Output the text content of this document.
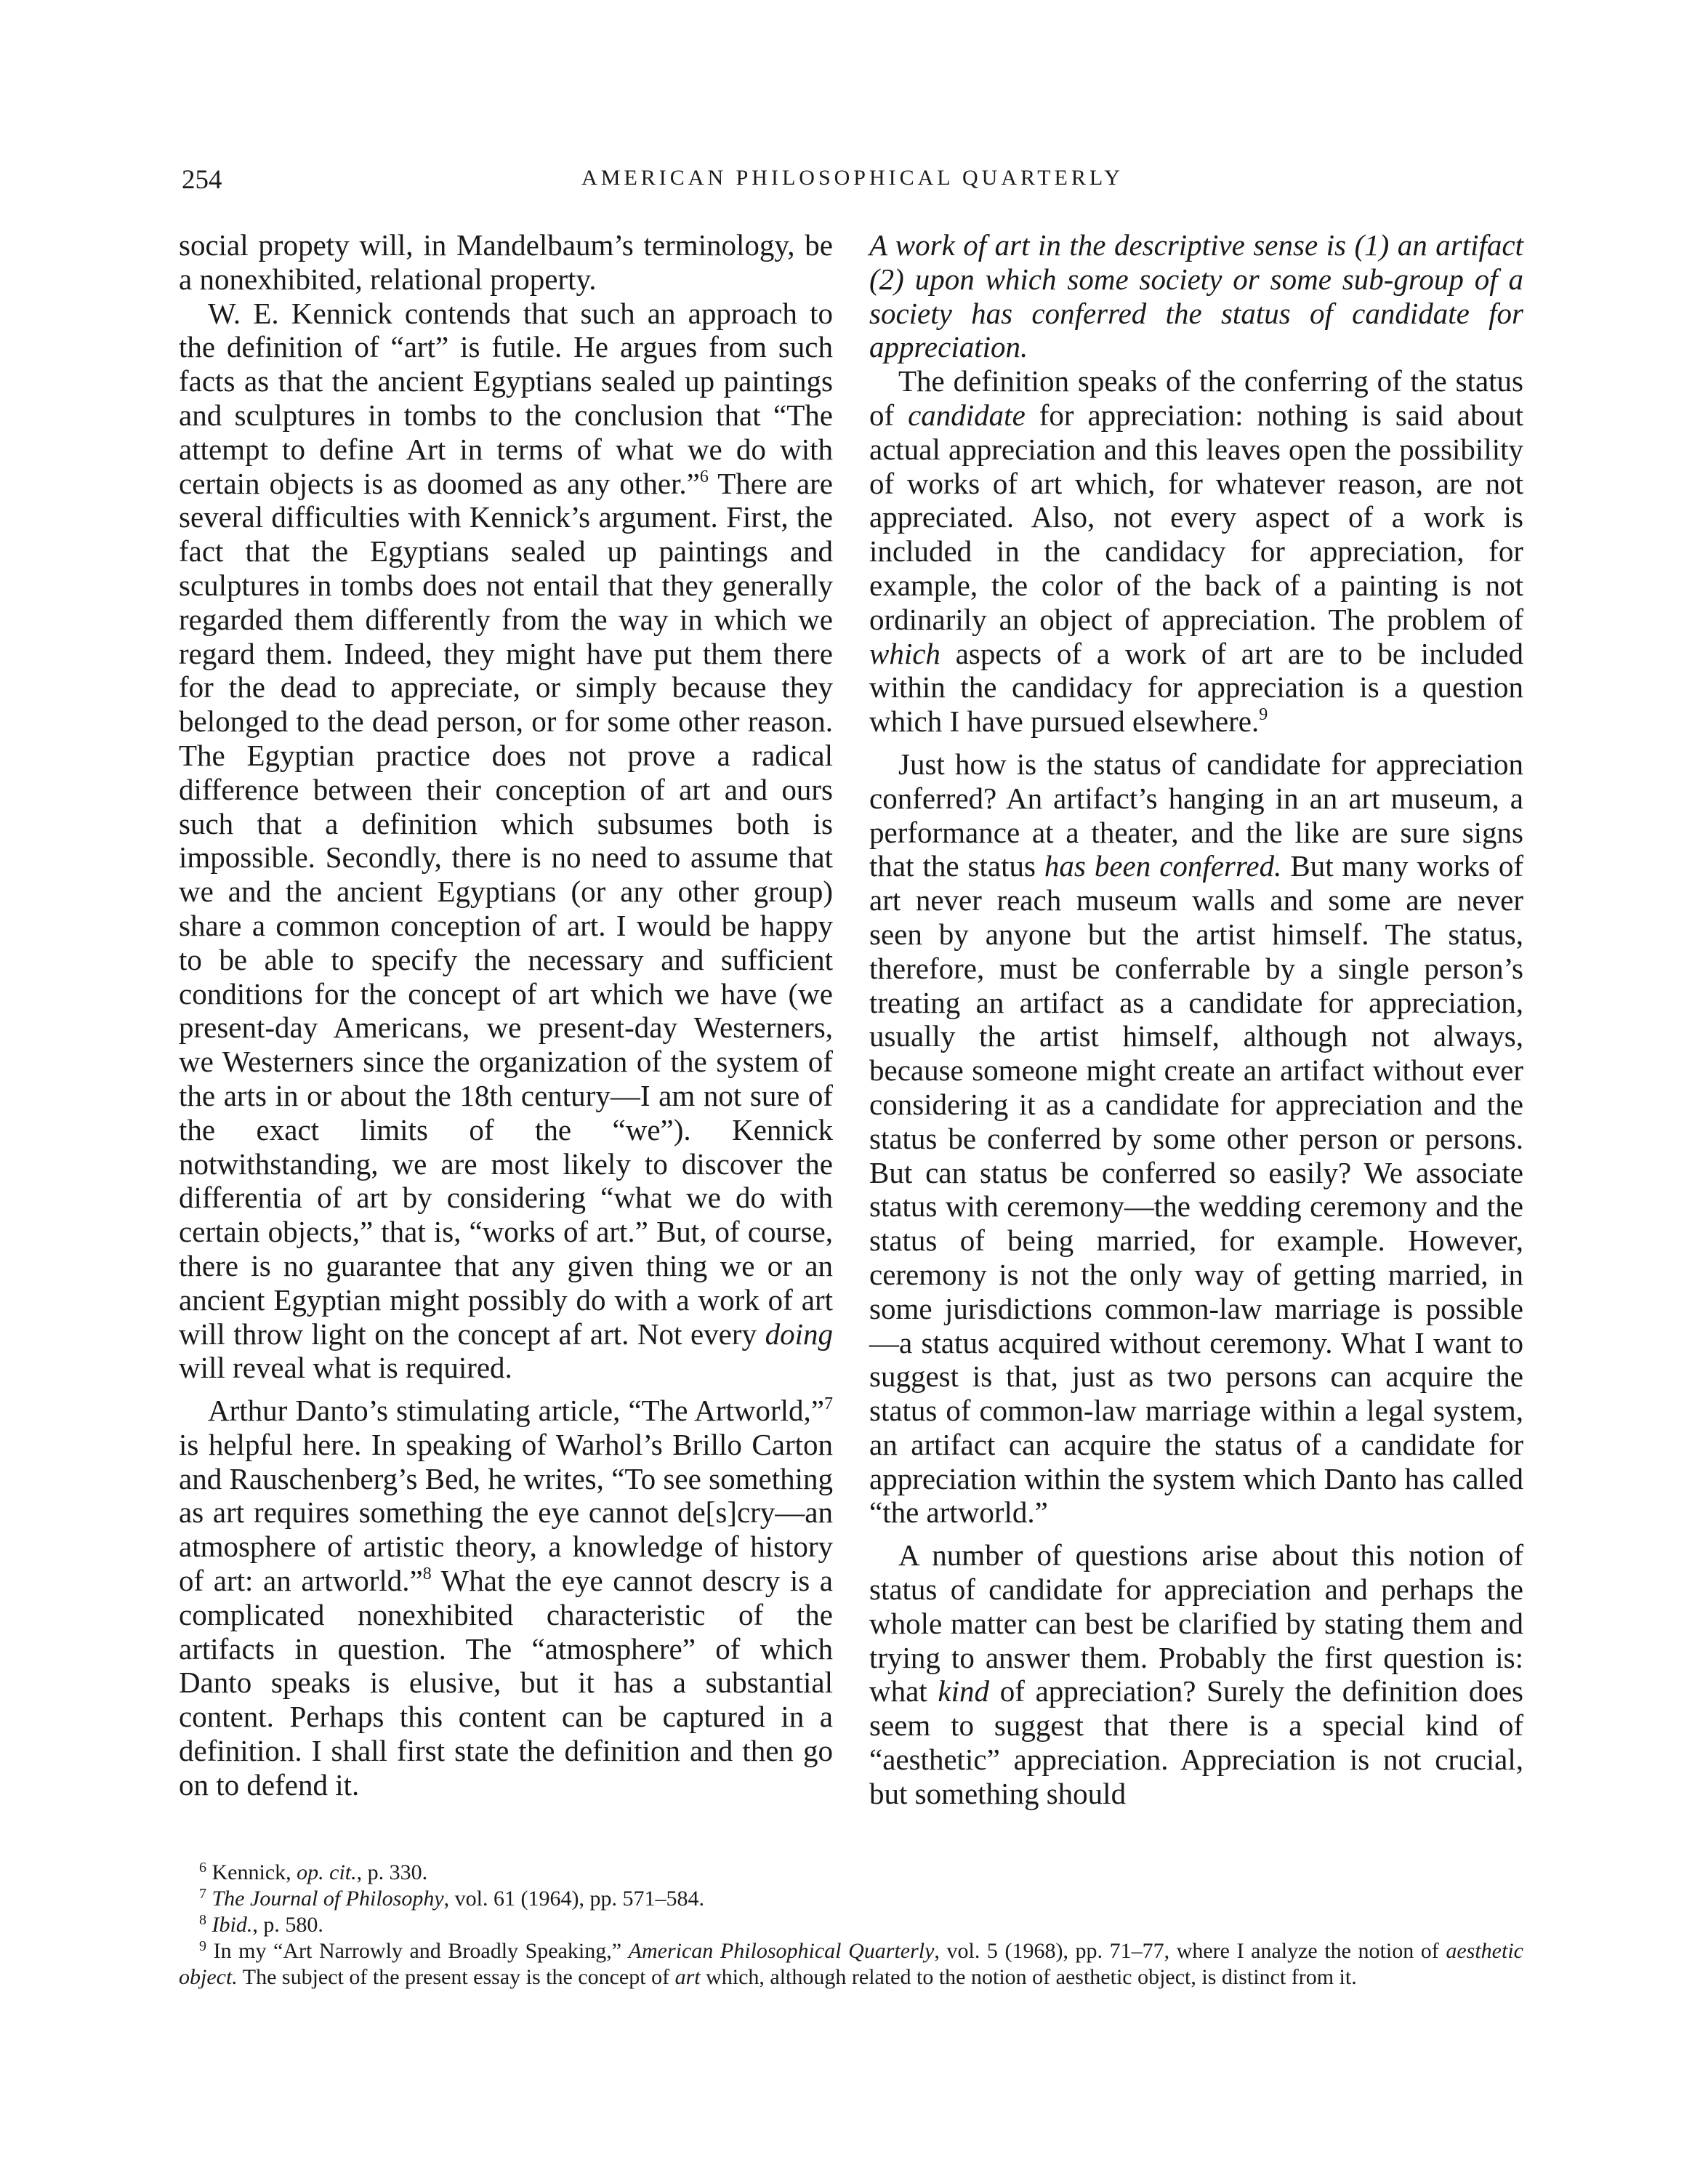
254	AMERICAN PHILOSOPHICAL QUARTERLY

social propety will, in Mandelbaum’s terminology, be a nonexhibited, relational property.

W. E. Kennick contends that such an approach to the definition of “art” is futile. He argues from such facts as that the ancient Egyptians sealed up paintings and sculptures in tombs to the conclusion that “The attempt to define Art in terms of what we do with certain objects is as doomed as any other.”$^6$ There are several difficulties with Kennick’s argument. First, the fact that the Egyptians sealed up paintings and sculptures in tombs does not entail that they generally regarded them differently from the way in which we regard them. Indeed, they might have put them there for the dead to appreciate, or simply because they belonged to the dead person, or for some other reason. The Egyptian practice does not prove a radical difference between their conception of art and ours such that a definition which subsumes both is impossible. Secondly, there is no need to assume that we and the ancient Egyptians (or any other group) share a common conception of art. I would be happy to be able to specify the necessary and sufficient conditions for the concept of art which we have (we present-day Americans, we present-day Westerners, we Westerners since the organization of the system of the arts in or about the 18th century—I am not sure of the exact limits of the “we”). Kennick notwithstanding, we are most likely to discover the differentia of art by considering “what we do with certain objects,” that is, “works of art.” But, of course, there is no guarantee that any given thing we or an ancient Egyptian might possibly do with a work of art will throw light on the concept af art. Not every doing will reveal what is required.

Arthur Danto’s stimulating article, “The Artworld,”$^7$ is helpful here. In speaking of Warhol’s Brillo Carton and Rauschenberg’s Bed, he writes, “To see something as art requires something the eye cannot de[s]cry—an atmosphere of artistic theory, a knowledge of history of art: an artworld.”$^8$ What the eye cannot descry is a complicated nonexhibited characteristic of the artifacts in question. The “atmosphere” of which Danto speaks is elusive, but it has a substantial content. Perhaps this content can be captured in a definition. I shall first state the definition and then go on to defend it.

A work of art in the descriptive sense is (1) an artifact (2) upon which some society or some sub-group of a society has conferred the status of candidate for appreciation.

The definition speaks of the conferring of the status of candidate for appreciation: nothing is said about actual appreciation and this leaves open the possibility of works of art which, for whatever reason, are not appreciated. Also, not every aspect of a work is included in the candidacy for appreciation, for example, the color of the back of a painting is not ordinarily an object of appreciation. The problem of which aspects of a work of art are to be included within the candidacy for appreciation is a question which I have pursued elsewhere.$^9$

Just how is the status of candidate for appreciation conferred? An artifact’s hanging in an art museum, a performance at a theater, and the like are sure signs that the status has been conferred. But many works of art never reach museum walls and some are never seen by anyone but the artist himself. The status, therefore, must be conferrable by a single person’s treating an artifact as a candidate for appreciation, usually the artist himself, although not always, because someone might create an artifact without ever considering it as a candidate for appreciation and the status be conferred by some other person or persons. But can status be conferred so easily? We associate status with ceremony—the wedding ceremony and the status of being married, for example. However, ceremony is not the only way of getting married, in some jurisdictions common-law marriage is possible—a status acquired without ceremony. What I want to suggest is that, just as two persons can acquire the status of common-law marriage within a legal system, an artifact can acquire the status of a candidate for appreciation within the system which Danto has called “the artworld.”

A number of questions arise about this notion of status of candidate for appreciation and perhaps the whole matter can best be clarified by stating them and trying to answer them. Probably the first question is: what kind of appreciation? Surely the definition does seem to suggest that there is a special kind of “aesthetic” appreciation. Appreciation is not crucial, but something should

$^6$ Kennick, op. cit., p. 330.

$^7$ The Journal of Philosophy, vol. 61 (1964), pp. 571–584.

$^8$ Ibid., p. 580.

$^9$ In my “Art Narrowly and Broadly Speaking,” American Philosophical Quarterly, vol. 5 (1968), pp. 71–77, where I analyze the notion of aesthetic object. The subject of the present essay is the concept of art which, although related to the notion of aesthetic object, is distinct from it.
